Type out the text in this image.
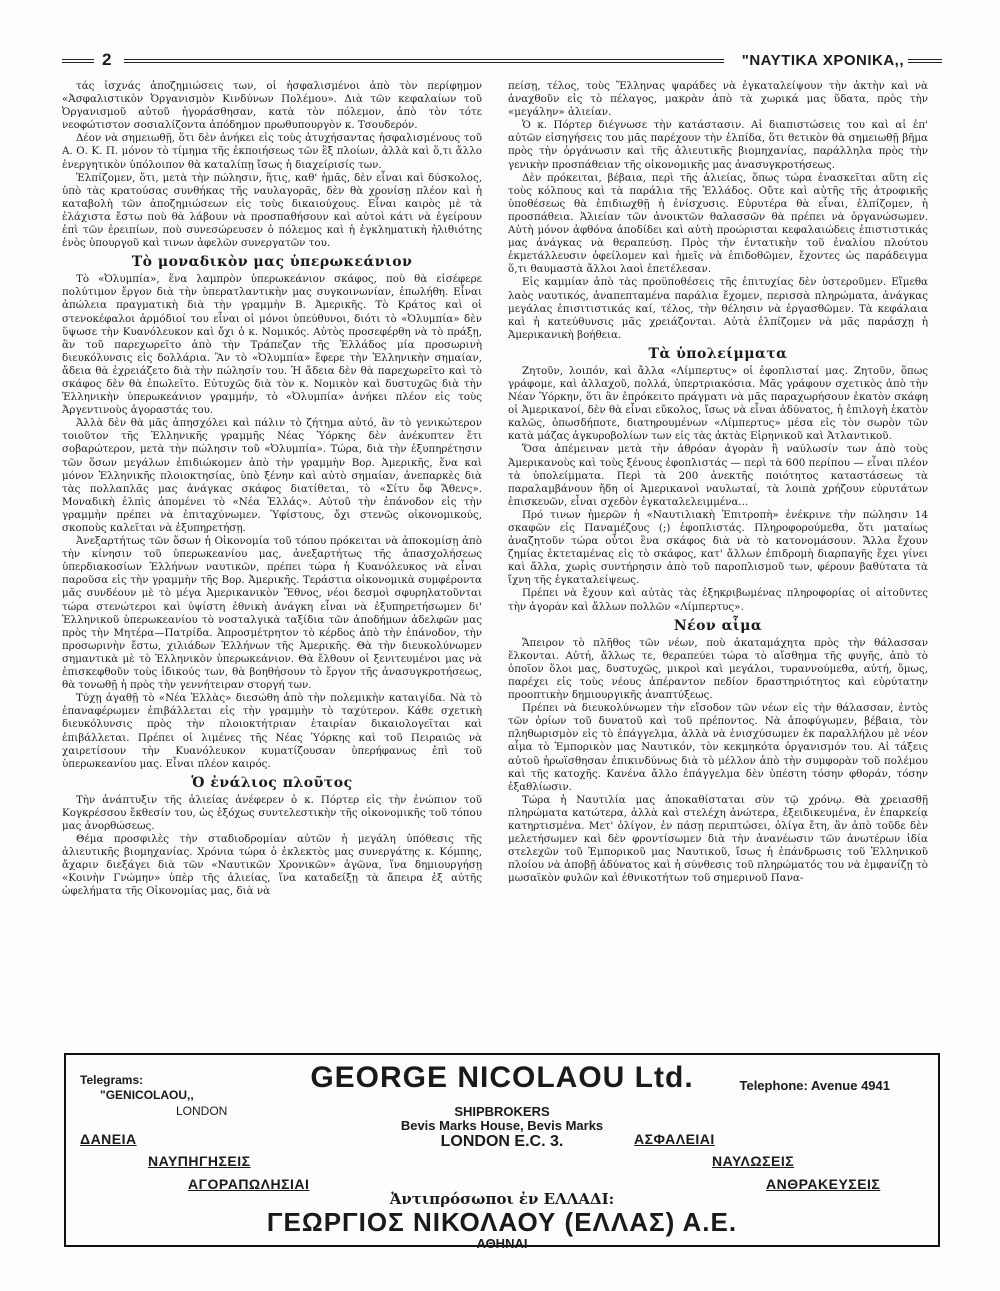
2	"ΝΑΥΤΙΚΑ ΧΡΟΝΙΚΑ,,

τάς ἰσχνάς ἀποζημιώσεις των, οἱ ἠσφαλισμένοι ἀπὸ τὸν περίφημον «Ἀσφαλιστικὸν Ὀργανισμὸν Κινδύνων Πολέμου». Διὰ τῶν κεφαλαίων τοῦ Ὀργανισμοῦ αὐτοῦ ἠγοράσθησαν, κατὰ τὸν πόλεμον, ἀπὸ τὸν τότε νεοφώτιστον σοσιαλίζοντα ἀπόδημον πρωθυπουργὸν κ. Τσουδερόν.

Δέον νὰ σημειωθῇ, ὅτι δὲν ἀνήκει εἰς τοὺς ἀτυχήσαντας ἠσφαλισμένους τοῦ Α. Ο. Κ. Π. μόνον τὸ τίμημα τῆς ἐκποιήσεως τῶν ἓξ πλοίων, ἀλλὰ καὶ ὅ,τι ἄλλο ἐνεργητικὸν ὑπόλοιπον θὰ καταλίπῃ ἴσως ἡ διαχείρισίς των.

Ἐλπίζομεν, ὅτι, μετὰ τὴν πώλησιν, ἥτις, καθ' ἡμᾶς, δὲν εἶναι καὶ δύσκολος, ὑπὸ τὰς κρατούσας συνθήκας τῆς ναυλαγορᾶς, δὲν θὰ χρονίσῃ πλέον καὶ ἡ καταβολὴ τῶν ἀποζημιώσεων εἰς τοὺς δικαιούχους. Εἶναι καιρὸς μὲ τὰ ἐλάχιστα ἔστω ποὺ θὰ λάβουν νὰ προσπαθήσουν καὶ αὐτοὶ κάτι νὰ ἐγείρουν ἐπὶ τῶν ἐρειπίων, ποὺ συνεσώρευσεν ὁ πόλεμος καὶ ἡ ἐγκληματικὴ ἠλιθιότης ἑνὸς ὑπουργοῦ καὶ τινων ἀφελῶν συνεργατῶν του.

Τὸ μοναδικὸν μας ὑπερωκεάνιον

Τὸ «Ὀλυμπία», ἕνα λαμπρὸν ὑπερωκεάνιον σκάφος, ποὺ θὰ εἰσέφερε πολύτιμον ἔργον διὰ τὴν ὑπερατλαντικὴν μας συγκοινωνίαν, ἐπωλήθη. Εἶναι ἀπώλεια πραγματικὴ διὰ τὴν γραμμὴν Β. Ἀμερικῆς. Τὸ Κράτος καὶ οἱ στενοκέφαλοι ἁρμόδιοί του εἶναι οἱ μόνοι ὑπεύθυνοι, διότι τὸ «Ὀλυμπία» δὲν ὕψωσε τὴν Κυανόλευκον καὶ ὄχι ὁ κ. Νομικός. Αὐτὸς προσεφέρθη νὰ τὸ πράξῃ, ἂν τοῦ παρεχωρεῖτο ἀπὸ τὴν Τράπεζαν τῆς Ἑλλάδος μία προσωρινὴ διευκόλυνσις εἰς δολλάρια. Ἂν τὸ «Ὀλυμπία» ἔφερε τὴν Ἑλληνικὴν σημαίαν, ἄδεια θὰ ἐχρειάζετο διὰ τὴν πώλησίν του. Ἡ ἄδεια δὲν θὰ παρεχωρεῖτο καὶ τὸ σκάφος δὲν θὰ ἐπωλεῖτο. Εὐτυχῶς διὰ τὸν κ. Νομικὸν καὶ δυστυχῶς διὰ τὴν Ἑλληνικὴν ὑπερωκεάνιον γραμμήν, τὸ «Ὀλυμπία» ἀνήκει πλέον εἰς τοὺς Ἀργεντινοὺς ἀγοραστάς του.

Ἀλλὰ δὲν θὰ μᾶς ἀπησχόλει καὶ πάλιν τὸ ζήτημα αὐτό, ἂν τὸ γενικώτερον τοιοῦτον τῆς Ἑλληνικῆς γραμμῆς Νέας Ὑόρκης δὲν ἀνέκυπτεν ἔτι σοβαρώτερον, μετὰ τὴν πώλησιν τοῦ «Ὀλυμπία». Τώρα, διὰ τὴν ἐξυπηρέτησιν τῶν ὅσων μεγάλων ἐπιδιώκομεν ἀπὸ τὴν γραμμὴν Βορ. Ἀμερικῆς, ἕνα καὶ μόνον Ἑλληνικῆς πλοιοκτησίας, ὑπὸ ξένην καὶ αὐτὸ σημαίαν, ἀνεπαρκὲς διὰ τὰς πολλαπλᾶς μας ἀνάγκας σκάφος διατίθεται, τὸ «Σίτυ ὄφ Ἄθενς». Μοναδικὴ ἐλπὶς ἀπομένει τὸ «Νέα Ἑλλάς». Αὐτοῦ τὴν ἐπάνοδον εἰς τὴν γραμμὴν πρέπει νὰ ἐπιταχύνωμεν. Ὑφίστους, ὄχι στενῶς οἰκονομικούς, σκοποὺς καλεῖται νὰ ἐξυπηρετήσῃ.

Ἀνεξαρτήτως τῶν ὅσων ἡ Οἰκονομία τοῦ τόπου πρόκειται νὰ ἀποκομίσῃ ἀπὸ τὴν κίνησιν τοῦ ὑπερωκεανίου μας, ἀνεξαρτήτως τῆς ἀπασχολήσεως ὑπερδιακοσίων Ἑλλήνων ναυτικῶν, πρέπει τώρα ἡ Κυανόλευκος νὰ εἶναι παροῦσα εἰς τὴν γραμμὴν τῆς Βορ. Ἀμερικῆς. Τεράστια οἰκονομικὰ συμφέροντα μᾶς συνδέουν μὲ τὸ μέγα Ἀμερικανικὸν Ἔθνος, νέοι δεσμοὶ σφυρηλατοῦνται τώρα στενώτεροι καὶ ὑψίστη ἐθνικὴ ἀνάγκη εἶναι νὰ ἐξυπηρετήσωμεν δι' Ἑλληνικοῦ ὑπερωκεανίου τὸ νοσταλγικὰ ταξίδια τῶν ἀποδήμων ἀδελφῶν μας πρὸς τὴν Μητέρα—Πατρίδα. Ἀπροσμέτρητον τὸ κέρδος ἀπὸ τὴν ἐπάνοδον, τὴν προσωρινὴν ἔστω, χιλιάδων Ἑλλήνων τῆς Ἀμερικῆς. Θὰ τὴν διευκολύνωμεν σημαντικὰ μὲ τὸ Ἑλληνικὸν ὑπερωκεάνιον. Θὰ ἔλθουν οἱ ξενιτευμένοι μας νὰ ἐπισκεφθοῦν τοὺς ἰδικούς των, θὰ βοηθήσουν τὸ ἔργον τῆς ἀνασυγκροτήσεως, θὰ τονωθῇ ἡ πρὸς τὴν γεννήτειραν στοργή των.

Τύχῃ ἀγαθῇ τὸ «Νέα Ἑλλὰς» διεσώθη ἀπὸ τὴν πολεμικὴν καταιγίδα. Νὰ τὸ ἐπαναφέρωμεν ἐπιβάλλεται εἰς τὴν γραμμὴν τὸ ταχύτερον. Κάθε σχετικὴ διευκόλυνσις πρὸς τὴν πλοιοκτήτριαν ἑταιρίαν δικαιολογεῖται καὶ ἐπιβάλλεται. Πρέπει οἱ λιμένες τῆς Νέας Ὑόρκης καὶ τοῦ Πειραιῶς νὰ χαιρετίσουν τὴν Κυανόλευκον κυματίζουσαν ὑπερήφανως ἐπὶ τοῦ ὑπερωκεανίου μας. Εἶναι πλέον καιρός.

Ὁ ἐνάλιος πλοῦτος

Τὴν ἀνάπτυξιν τῆς ἁλιείας ἀνέφερεν ὁ κ. Πόρτερ εἰς τὴν ἐνώπιον τοῦ Κογκρέσσου ἔκθεσίν του, ὡς ἐξόχως συντελεστικὴν τῆς οἰκονομικῆς τοῦ τόπου μας ἀνορθώσεως.

Θέμα προσφιλὲς τὴν σταδιοδρομίαν αὐτῶν ἡ μεγάλη ὑπόθεσις τῆς ἁλιευτικῆς βιομηχανίας. Χρόνια τώρα ὁ ἐκλεκτὸς μας συνεργάτης κ. Κόμπης, ἄχαριν διεξάγει διὰ τῶν «Ναυτικῶν Χρονικῶν» ἀγῶνα, ἵνα δημιουργήσῃ «Κοινὴν Γνώμην» ὑπὲρ τῆς ἁλιείας, ἵνα καταδείξῃ τὰ ἄπειρα ἐξ αὐτῆς ὠφελήματα τῆς Οἰκονομίας μας, διὰ νὰ

πείσῃ, τέλος, τοὺς Ἕλληνας ψαράδες νὰ ἐγκαταλείψουν τὴν ἀκτὴν καὶ νὰ ἀναχθοῦν εἰς τὸ πέλαγος, μακρὰν ἀπὸ τὰ χωρικά μας ὕδατα, πρὸς τὴν «μεγάλην» ἁλιείαν.

Ὁ κ. Πόρτερ διέγνωσε τὴν κατάστασιν. Αἱ διαπιστώσεις του καὶ αἱ ἐπ' αὐτῶν εἰσηγήσεις του μᾶς παρέχουν τὴν ἐλπίδα, ὅτι θετικὸν θὰ σημειωθῇ βῆμα πρὸς τὴν ὀργάνωσιν καὶ τῆς ἁλιευτικῆς βιομηχανίας, παράλληλα πρὸς τὴν γενικὴν προσπάθειαν τῆς οἰκονομικῆς μας ἀνασυγκροτήσεως.

Δὲν πρόκειται, βέβαια, περὶ τῆς ἁλιείας, ὅπως τώρα ἐνασκεῖται αὕτη εἰς τοὺς κόλπους καὶ τὰ παράλια τῆς Ἑλλάδος. Οὔτε καὶ αὐτῆς τῆς ἀτροφικῆς ὑποθέσεως θὰ ἐπιδιωχθῇ ἡ ἐνίσχυσις. Εὐρυτέρα θὰ εἶναι, ἐλπίζομεν, ἡ προσπάθεια. Ἁλιείαν τῶν ἀνοικτῶν θαλασσῶν θὰ πρέπει νὰ ὀργανώσωμεν. Αὐτὴ μόνον ἀφθόνα ἀποδίδει καὶ αὐτὴ προώρισται κεφαλαιώδεις ἐπιστιστικάς μας ἀνάγκας νὰ θεραπεύσῃ. Πρὸς τὴν ἐντατικὴν τοῦ ἐναλίου πλούτου ἐκμετάλλευσιν ὀφείλομεν καὶ ἡμεῖς νὰ ἐπιδοθῶμεν, ἔχοντες ὡς παράδειγμα ὅ,τι θαυμαστὰ ἄλλοι λαοὶ ἐπετέλεσαν.

Εἰς καμμίαν ἀπὸ τὰς προϋποθέσεις τῆς ἐπιτυχίας δὲν ὑστεροῦμεν. Εἴμεθα λαὸς ναυτικός, ἀναπεπταμένα παράλια ἔχομεν, περισσὰ πληρώματα, ἀνάγκας μεγάλας ἐπισιτιστικάς καί, τέλος, τὴν θέλησιν νὰ ἐργασθῶμεν. Τὰ κεφάλαια καὶ ἡ κατεύθυνσις μᾶς χρειάζονται. Αὐτὰ ἐλπίζομεν νὰ μᾶς παράσχῃ ἡ Ἀμερικανικὴ βοήθεια.

Τὰ ὑπολείμματα

Ζητοῦν, λοιπόν, καὶ ἄλλα «Λίμπερτυς» οἱ ἐφοπλισταί μας. Ζητοῦν, ὅπως γράφομε, καὶ ἀλλαχοῦ, πολλά, ὑπερτριακόσια. Μᾶς γράφουν σχετικὸς ἀπὸ τὴν Νέαν Ὑόρκην, ὅτι ἂν ἐπρόκειτο πράγματι νὰ μᾶς παραχωρήσουν ἑκατὸν σκάφη οἱ Ἀμερικανοί, δὲν θὰ εἶναι εὔκολος, ἴσως νὰ εἶναι ἀδύνατος, ἡ ἐπιλογὴ ἑκατὸν καλῶς, ὁπωσδήποτε, διατηρουμένων «Λίμπερτυς» μέσα εἰς τὸν σωρὸν τῶν κατὰ μάζας ἀγκυροβολίων των εἰς τὰς ἀκτὰς Εἰρηνικοῦ καὶ Ἀτλαντικοῦ.

Ὅσα ἀπέμειναν μετὰ τὴν ἀθρόαν ἀγορὰν ἢ ναύλωσίν των ἀπὸ τοὺς Ἀμερικανοὺς καὶ τοὺς ξένους ἐφοπλιστάς — περὶ τὰ 600 περίπου — εἶναι πλέον τὰ ὑπολείμματα. Περὶ τὰ 200 ἀνεκτῆς ποιότητος καταστάσεως τὰ παραλαμβάνουν ἤδη οἱ Ἀμερικανοὶ ναυλωταί, τὰ λοιπὰ χρήζουν εὐρυτάτων ἐπισκευῶν, εἶναι σχεδὸν ἐγκαταλελειμμένα...

Πρό τινων ἡμερῶν ἡ «Ναυτιλιακὴ Ἐπιτροπὴ» ἐνέκρινε τὴν πώλησιν 14 σκαφῶν εἰς Παναμέζους (;) ἐφοπλιστάς. Πληροφορούμεθα, ὅτι ματαίως ἀναζητοῦν τώρα οὗτοι ἓνα σκάφος διὰ νὰ τὸ κατονομάσουν. Ἄλλα ἔχουν ζημίας ἐκτεταμένας εἰς τὸ σκάφος, κατ' ἄλλων ἐπιδρομὴ διαρπαγῆς ἔχει γίνει καὶ ἄλλα, χωρὶς συντήρησιν ἀπὸ τοῦ παροπλισμοῦ των, φέρουν βαθύτατα τὰ ἴχνη τῆς ἐγκαταλείψεως.

Πρέπει νὰ ἔχουν καὶ αὐτὰς τὰς ἐξηκριβωμένας πληροφορίας οἱ αἰτοῦντες τὴν ἀγορὰν καὶ ἄλλων πολλῶν «Λίμπερτυς».

Νέον αἷμα

Ἄπειρον τὸ πλῆθος τῶν νέων, ποὺ ἀκαταμάχητα πρὸς τὴν θάλασσαν ἕλκονται. Αὐτή, ἄλλως τε, θεραπεύει τώρα τὸ αἴσθημα τῆς φυγῆς, ἀπὸ τὸ ὁποῖον ὅλοι μας, δυστυχῶς, μικροὶ καὶ μεγάλοι, τυραννούμεθα, αὐτή, ὅμως, παρέχει εἰς τοὺς νέους ἀπέραντον πεδίον δραστηριότητος καὶ εὐρύτατην προοπτικὴν δημιουργικῆς ἀναπτύξεως.

Πρέπει νὰ διευκολύνωμεν τὴν εἴσοδον τῶν νέων εἰς τὴν θάλασσαν, ἐντὸς τῶν ὁρίων τοῦ δυνατοῦ καὶ τοῦ πρέποντος. Νὰ ἀποφύγωμεν, βέβαια, τὸν πληθωρισμὸν εἰς τὸ ἐπάγγελμα, ἀλλὰ νὰ ἐνισχύσωμεν ἐκ παραλλήλου μὲ νέον αἷμα τὸ Ἐμπορικὸν μας Ναυτικόν, τὸν κεκμηκότα ὀργανισμόν του. Αἱ τάξεις αὐτοῦ ἡρωϊσθησαν ἐπικινδύνως διὰ τὸ μέλλον ἀπὸ τὴν συμφορὰν τοῦ πολέμου καὶ τῆς κατοχῆς. Κανένα ἄλλο ἐπάγγελμα δὲν ὑπέστη τόσην φθοράν, τόσην ἐξαθλίωσιν.

Τώρα ἡ Ναυτιλία μας ἀποκαθίσταται σὺν τῷ χρόνῳ. Θὰ χρειασθῇ πληρώματα κατώτερα, ἀλλὰ καὶ στελέχη ἀνώτερα, ἐξειδικευμένα, ἐν ἐπαρκείᾳ κατηρτισμένα. Μετ' ὀλίγον, ἐν πάσῃ περιπτώσει, ὀλίγα ἔτη, ἂν ἀπὸ τοῦδε δὲν μελετήσωμεν καὶ δὲν φροντίσωμεν διὰ τὴν ἀνανέωσιν τῶν ἀνωτέρων ἰδία στελεχῶν τοῦ Ἐμπορικοῦ μας Ναυτικοῦ, ἴσως ἡ ἐπάνδρωσις τοῦ Ἑλληνικοῦ πλοίου νὰ ἀποβῇ ἀδύνατος καὶ ἡ σύνθεσις τοῦ πληρώματός του νὰ ἐμφανίζῃ τὸ μωσαϊκὸν φυλῶν καὶ ἐθνικοτήτων τοῦ σημερινοῦ Πανα-

Telegrams:
"GENICOLAOU,,
LONDON
GEORGE NICOLAOU Ltd.
SHIPBROKERS
Bevis Marks House, Bevis Marks
LONDON E.C. 3.
Telephone: Avenue 4941
ΔΑΝΕΙΑ
ΝΑΥΠΗΓΗΣΕΙΣ
ΑΓΟΡΑΠΩΛΗΣΙΑΙ
ΑΣΦΑΛΕΙΑΙ
ΝΑΥΛΩΣΕΙΣ
ΑΝΘΡΑΚΕΥΣΕΙΣ
Ἀντιπρόσωποι ἐν ΕΛΛΑΔΙ:
ΓΕΩΡΓΙΟΣ ΝΙΚΟΛΑΟΥ (ΕΛΛΑΣ) Α.Ε.
ΑΘΗΝΑΙ
